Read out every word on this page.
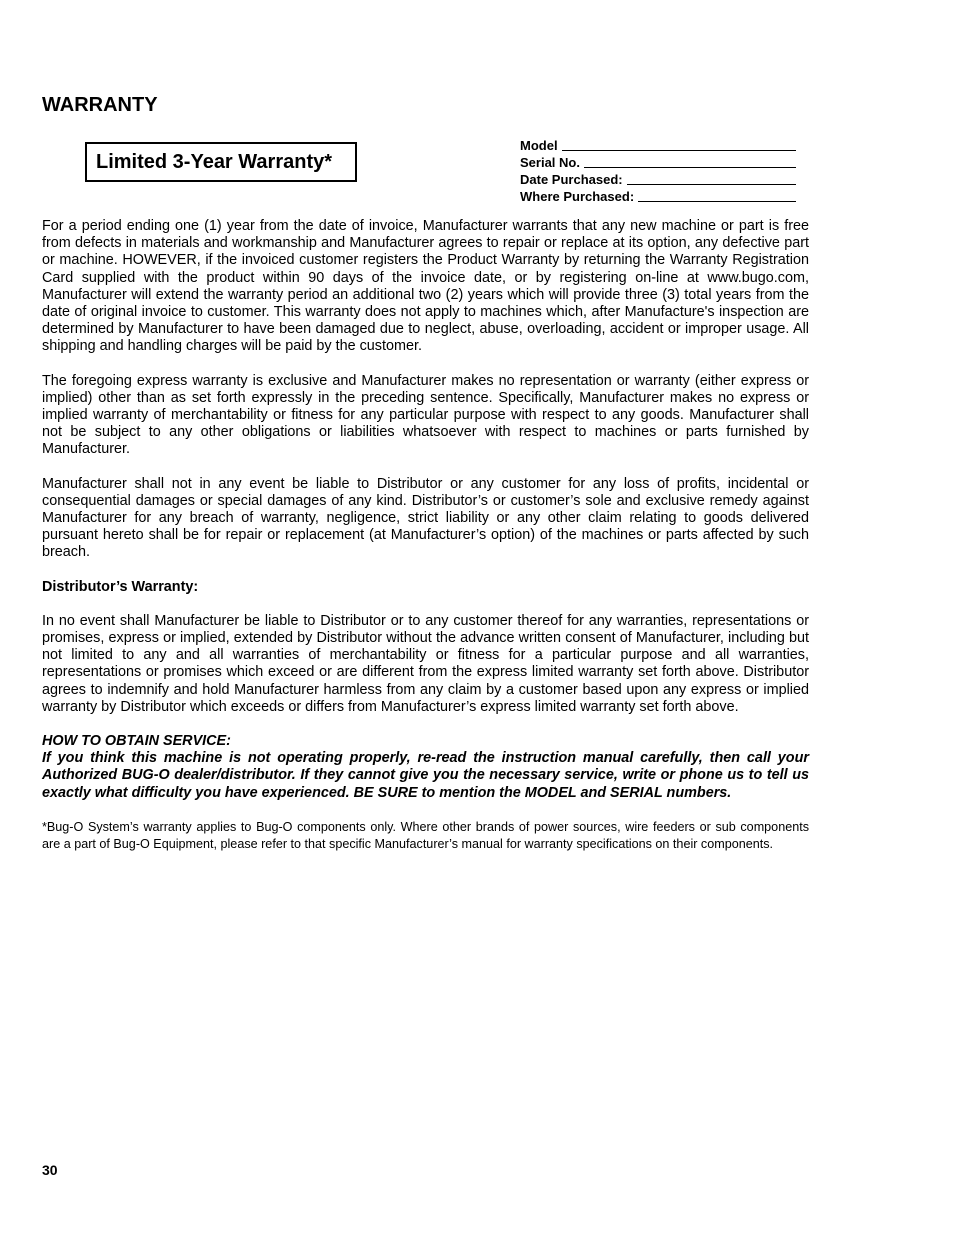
WARRANTY
Limited 3-Year Warranty*
Model
Serial No.
Date Purchased:
Where Purchased:

For a period ending one (1) year from the date of invoice, Manufacturer warrants that any new machine or part is free from defects in materials and workmanship and Manufacturer agrees to repair or replace at its option, any defective part or machine. HOWEVER, if the invoiced customer registers the Product Warranty by returning the Warranty Registration Card supplied with the product within 90 days of the invoice date, or by registering on-line at www.bugo.com, Manufacturer will extend the warranty period an additional two (2) years which will provide three (3) total years from the date of original invoice to customer. This warranty does not apply to machines which, after Manufacture's inspection are determined by Manufacturer to have been damaged due to neglect, abuse, overloading, accident or improper usage. All shipping and handling charges will be paid by the customer.

The foregoing express warranty is exclusive and Manufacturer makes no representation or warranty (either express or implied) other than as set forth expressly in the preceding sentence. Specifically, Manufacturer makes no express or implied warranty of merchantability or fitness for any particular purpose with respect to any goods. Manufacturer shall not be subject to any other obligations or liabilities whatsoever with respect to machines or parts furnished by Manufacturer.

Manufacturer shall not in any event be liable to Distributor or any customer for any loss of profits, incidental or consequential damages or special damages of any kind. Distributor’s or customer’s sole and exclusive remedy against Manufacturer for any breach of warranty, negligence, strict liability or any other claim relating to goods delivered pursuant hereto shall be for repair or replacement (at Manufacturer’s option) of the machines or parts affected by such breach.

Distributor’s Warranty:

In no event shall Manufacturer be liable to Distributor or to any customer thereof for any warranties, representations or promises, express or implied, extended by Distributor without the advance written consent of Manufacturer, including but not limited to any and all warranties of merchantability or fitness for a particular purpose and all warranties, representations or promises which exceed or are different from the express limited warranty set forth above. Distributor agrees to indemnify and hold Manufacturer harmless from any claim by a customer based upon any express or implied warranty by Distributor which exceeds or differs from Manufacturer’s express limited warranty set forth above.

HOW TO OBTAIN SERVICE:
If you think this machine is not operating properly, re-read the instruction manual carefully, then call your Authorized BUG-O dealer/distributor. If they cannot give you the necessary service, write or phone us to tell us exactly what difficulty you have experienced. BE SURE to mention the MODEL and SERIAL numbers.

*Bug-O System’s warranty applies to Bug-O components only. Where other brands of power sources, wire feeders or sub components are a part of Bug-O Equipment, please refer to that specific Manufacturer’s manual for warranty specifications on their components.

30
